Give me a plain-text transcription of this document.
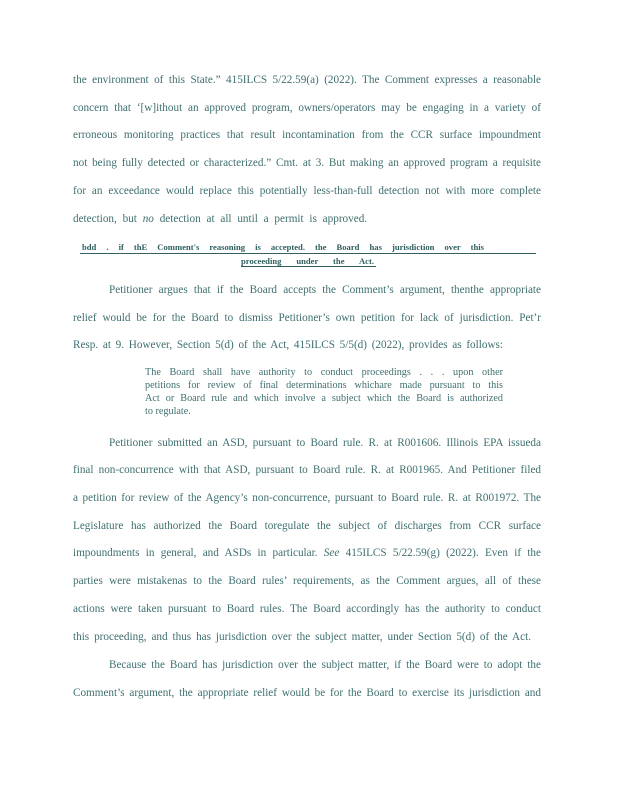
the environment of this State.” 415ILCS 5/22.59(a) (2022). The Comment expresses a reasonable
concern that ‘[w]ithout an approved program, owners/operators may be engaging in a variety of
erroneous monitoring practices that result incontamination from the CCR surface impoundment
not being fully detected or characterized.” Cmt. at 3. But making an approved program a requisite
for an exceedance would replace this potentially less-than-full detection not with more complete
detection, but no detection at all until a permit is approved.
bdd . if thE Comment's reasoning is accepted. the Board has jurisdiction over this
proceeding under the Act.
Petitioner argues that if the Board accepts the Comment’s argument, thenthe appropriate
relief would be for the Board to dismiss Petitioner’s own petition for lack of jurisdiction. Pet’r
Resp. at 9. However, Section 5(d) of the Act, 415ILCS 5/5(d) (2022), provides as follows:
The Board shall have authority to conduct proceedings . . . upon other
petitions for review of final determinations whichare made pursuant to this
Act or Board rule and which involve a subject which the Board is authorized
to regulate.
Petitioner submitted an ASD, pursuant to Board rule. R. at R001606. Illinois EPA issueda
final non-concurrence with that ASD, pursuant to Board rule. R. at R001965. And Petitioner filed
a petition for review of the Agency’s non-concurrence, pursuant to Board rule. R. at R001972. The
Legislature has authorized the Board toregulate the subject of discharges from CCR surface
impoundments in general, and ASDs in particular. See 415ILCS 5/22.59(g) (2022). Even if the
parties were mistakenas to the Board rules’ requirements, as the Comment argues, all of these
actions were taken pursuant to Board rules. The Board accordingly has the authority to conduct
this proceeding, and thus has jurisdiction over the subject matter, under Section 5(d) of the Act.
Because the Board has jurisdiction over the subject matter, if the Board were to adopt the
Comment’s argument, the appropriate relief would be for the Board to exercise its jurisdiction and
